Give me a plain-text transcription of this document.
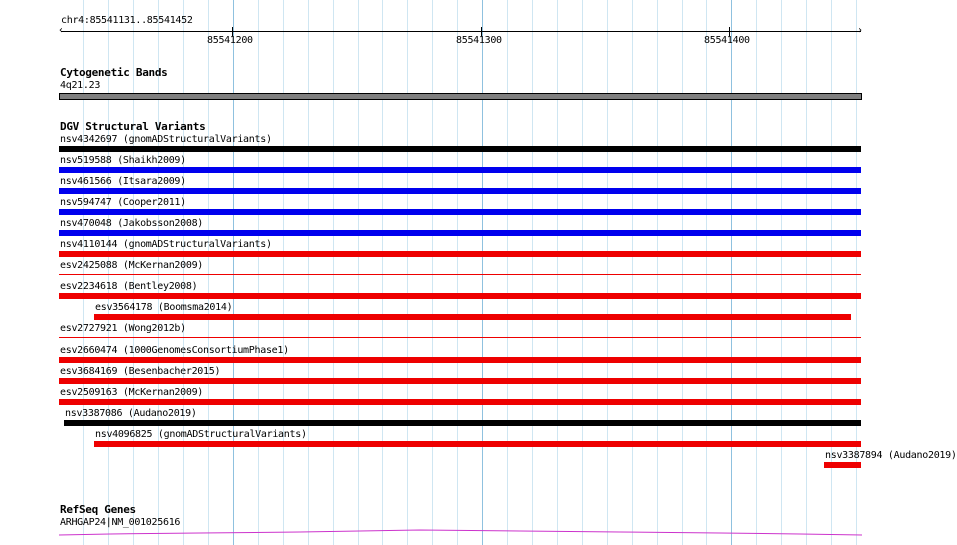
chr4:85541131..85541452
‹	›
85541200	85541300	85541400
Cytogenetic Bands
4q21.23
DGV Structural Variants
nsv4342697 (gnomADStructuralVariants)
nsv519588 (Shaikh2009)
nsv461566 (Itsara2009)
nsv594747 (Cooper2011)
nsv470048 (Jakobsson2008)
nsv4110144 (gnomADStructuralVariants)
esv2425088 (McKernan2009)
esv2234618 (Bentley2008)
esv3564178 (Boomsma2014)
esv2727921 (Wong2012b)
esv2660474 (1000GenomesConsortiumPhase1)
esv3684169 (Besenbacher2015)
esv2509163 (McKernan2009)
nsv3387086 (Audano2019)
nsv4096825 (gnomADStructuralVariants)
nsv3387894 (Audano2019)
RefSeq Genes
ARHGAP24|NM_001025616
